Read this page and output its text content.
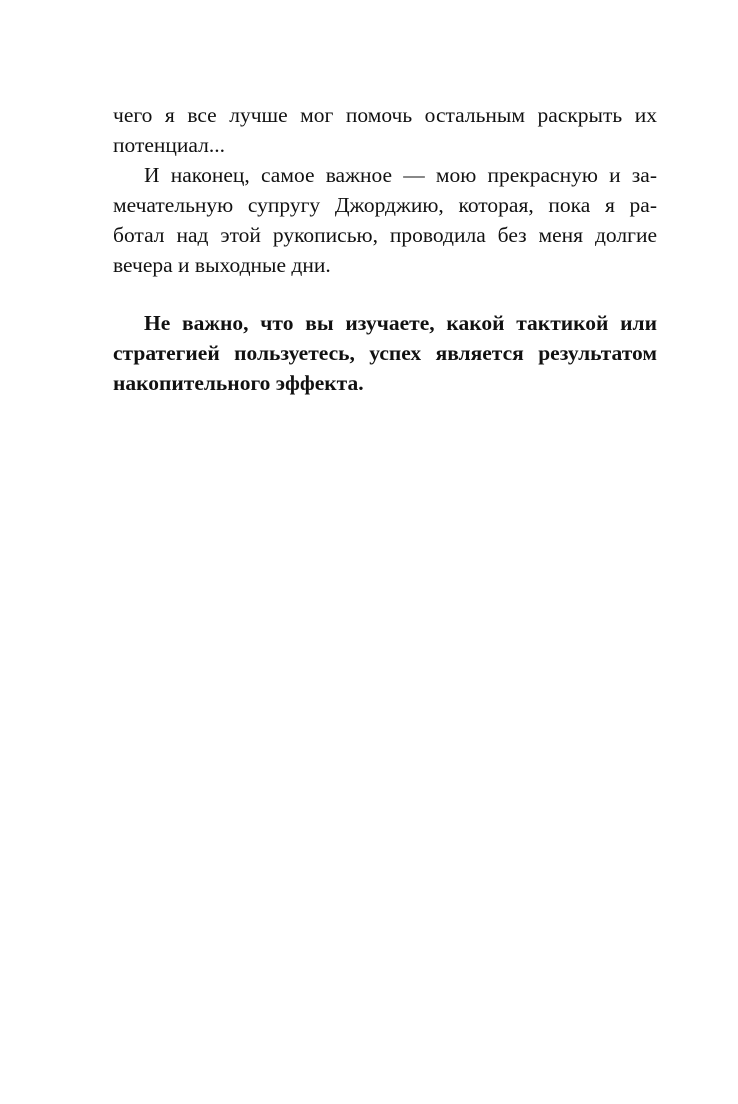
чего я все лучше мог помочь остальным раскрыть их
потенциал...
И наконец, самое важное — мою прекрасную и за-
мечательную супругу Джорджию, которая, пока я ра-
ботал над этой рукописью, проводила без меня долгие
вечера и выходные дни.
Не важно, что вы изучаете, какой тактикой или
стратегией пользуетесь, успех является результатом
накопительного эффекта.
